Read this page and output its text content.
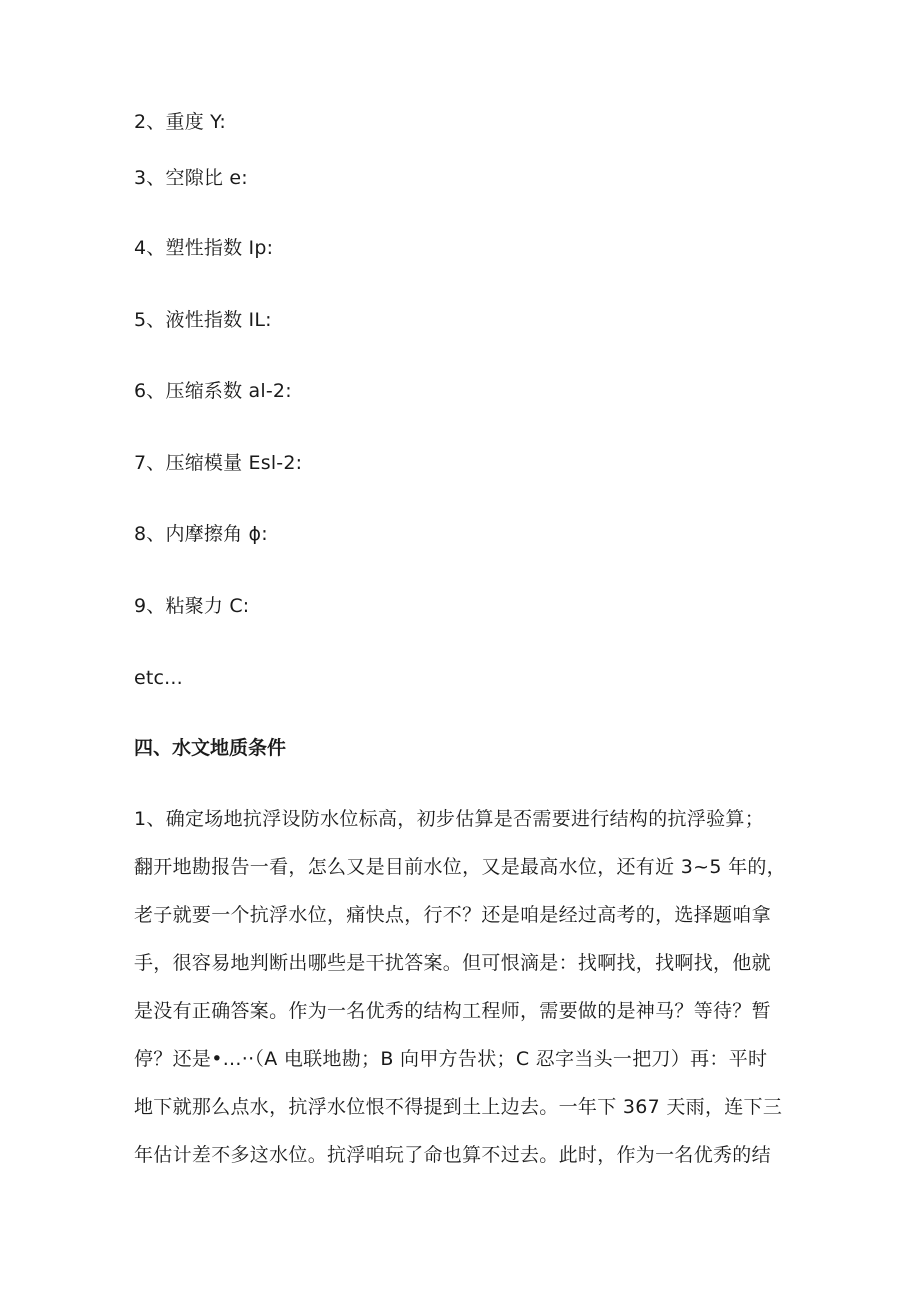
2、重度 Y:
3、空隙比 e:
4、塑性指数 Ip:
5、液性指数 IL:
6、压缩系数 al-2:
7、压缩模量 Esl-2:
8、内摩擦角 ϕ:
9、粘聚力 C:
etc...
四、水文地质条件
1、确定场地抗浮设防水位标高，初步估算是否需要进行结构的抗浮验算；
翻开地勘报告一看，怎么又是目前水位，又是最高水位，还有近 3~5 年的，
老子就要一个抗浮水位，痛快点，行不？还是咱是经过高考的，选择题咱拿
手，很容易地判断出哪些是干扰答案。但可恨滴是：找啊找，找啊找，他就
是没有正确答案。作为一名优秀的结构工程师，需要做的是神马？等待？暂
停？还是•...··（A 电联地勘；B 向甲方告状；C 忍字当头一把刀）再：平时
地下就那么点水，抗浮水位恨不得提到土上边去。一年下 367 天雨，连下三
年估计差不多这水位。抗浮咱玩了命也算不过去。此时，作为一名优秀的结
